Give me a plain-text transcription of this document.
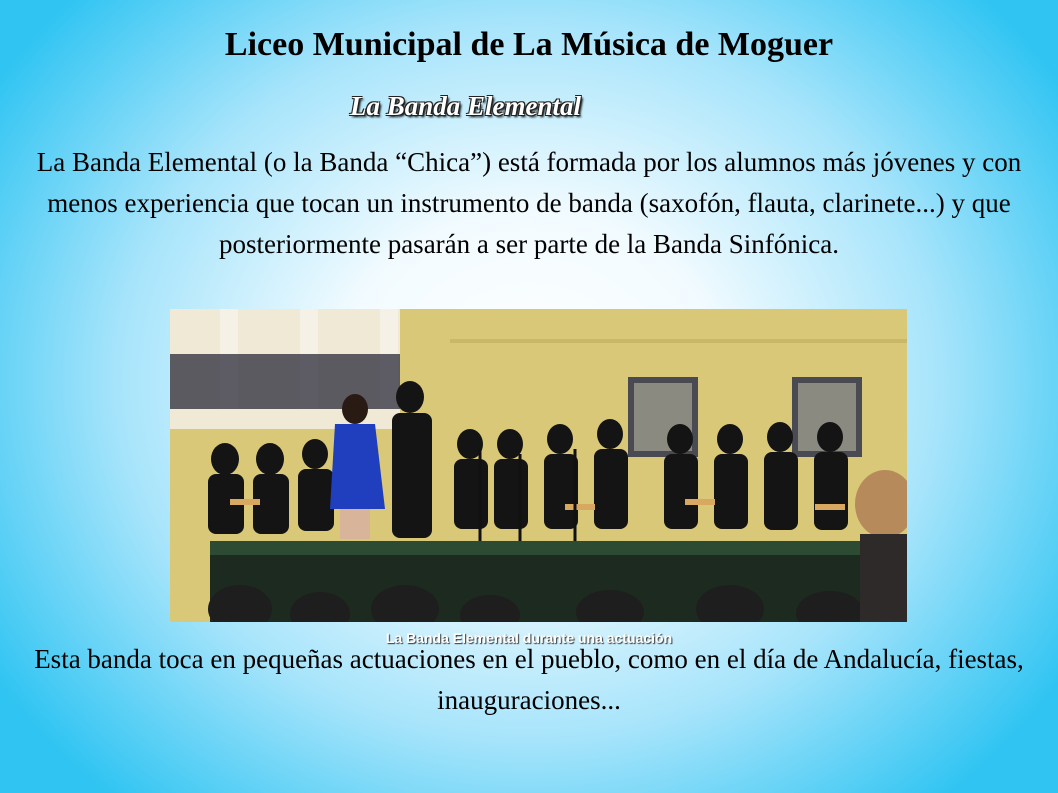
Liceo Municipal de La Música de Moguer
La Banda Elemental
La Banda Elemental (o la Banda “Chica”) está formada por los alumnos más jóvenes y con menos experiencia que tocan un instrumento de banda (saxofón, flauta, clarinete...) y que posteriormente pasarán a ser parte de la Banda Sinfónica.
La Banda Elemental durante una actuación
Esta banda toca en pequeñas actuaciones en el pueblo, como en el día de Andalucía, fiestas, inauguraciones...
